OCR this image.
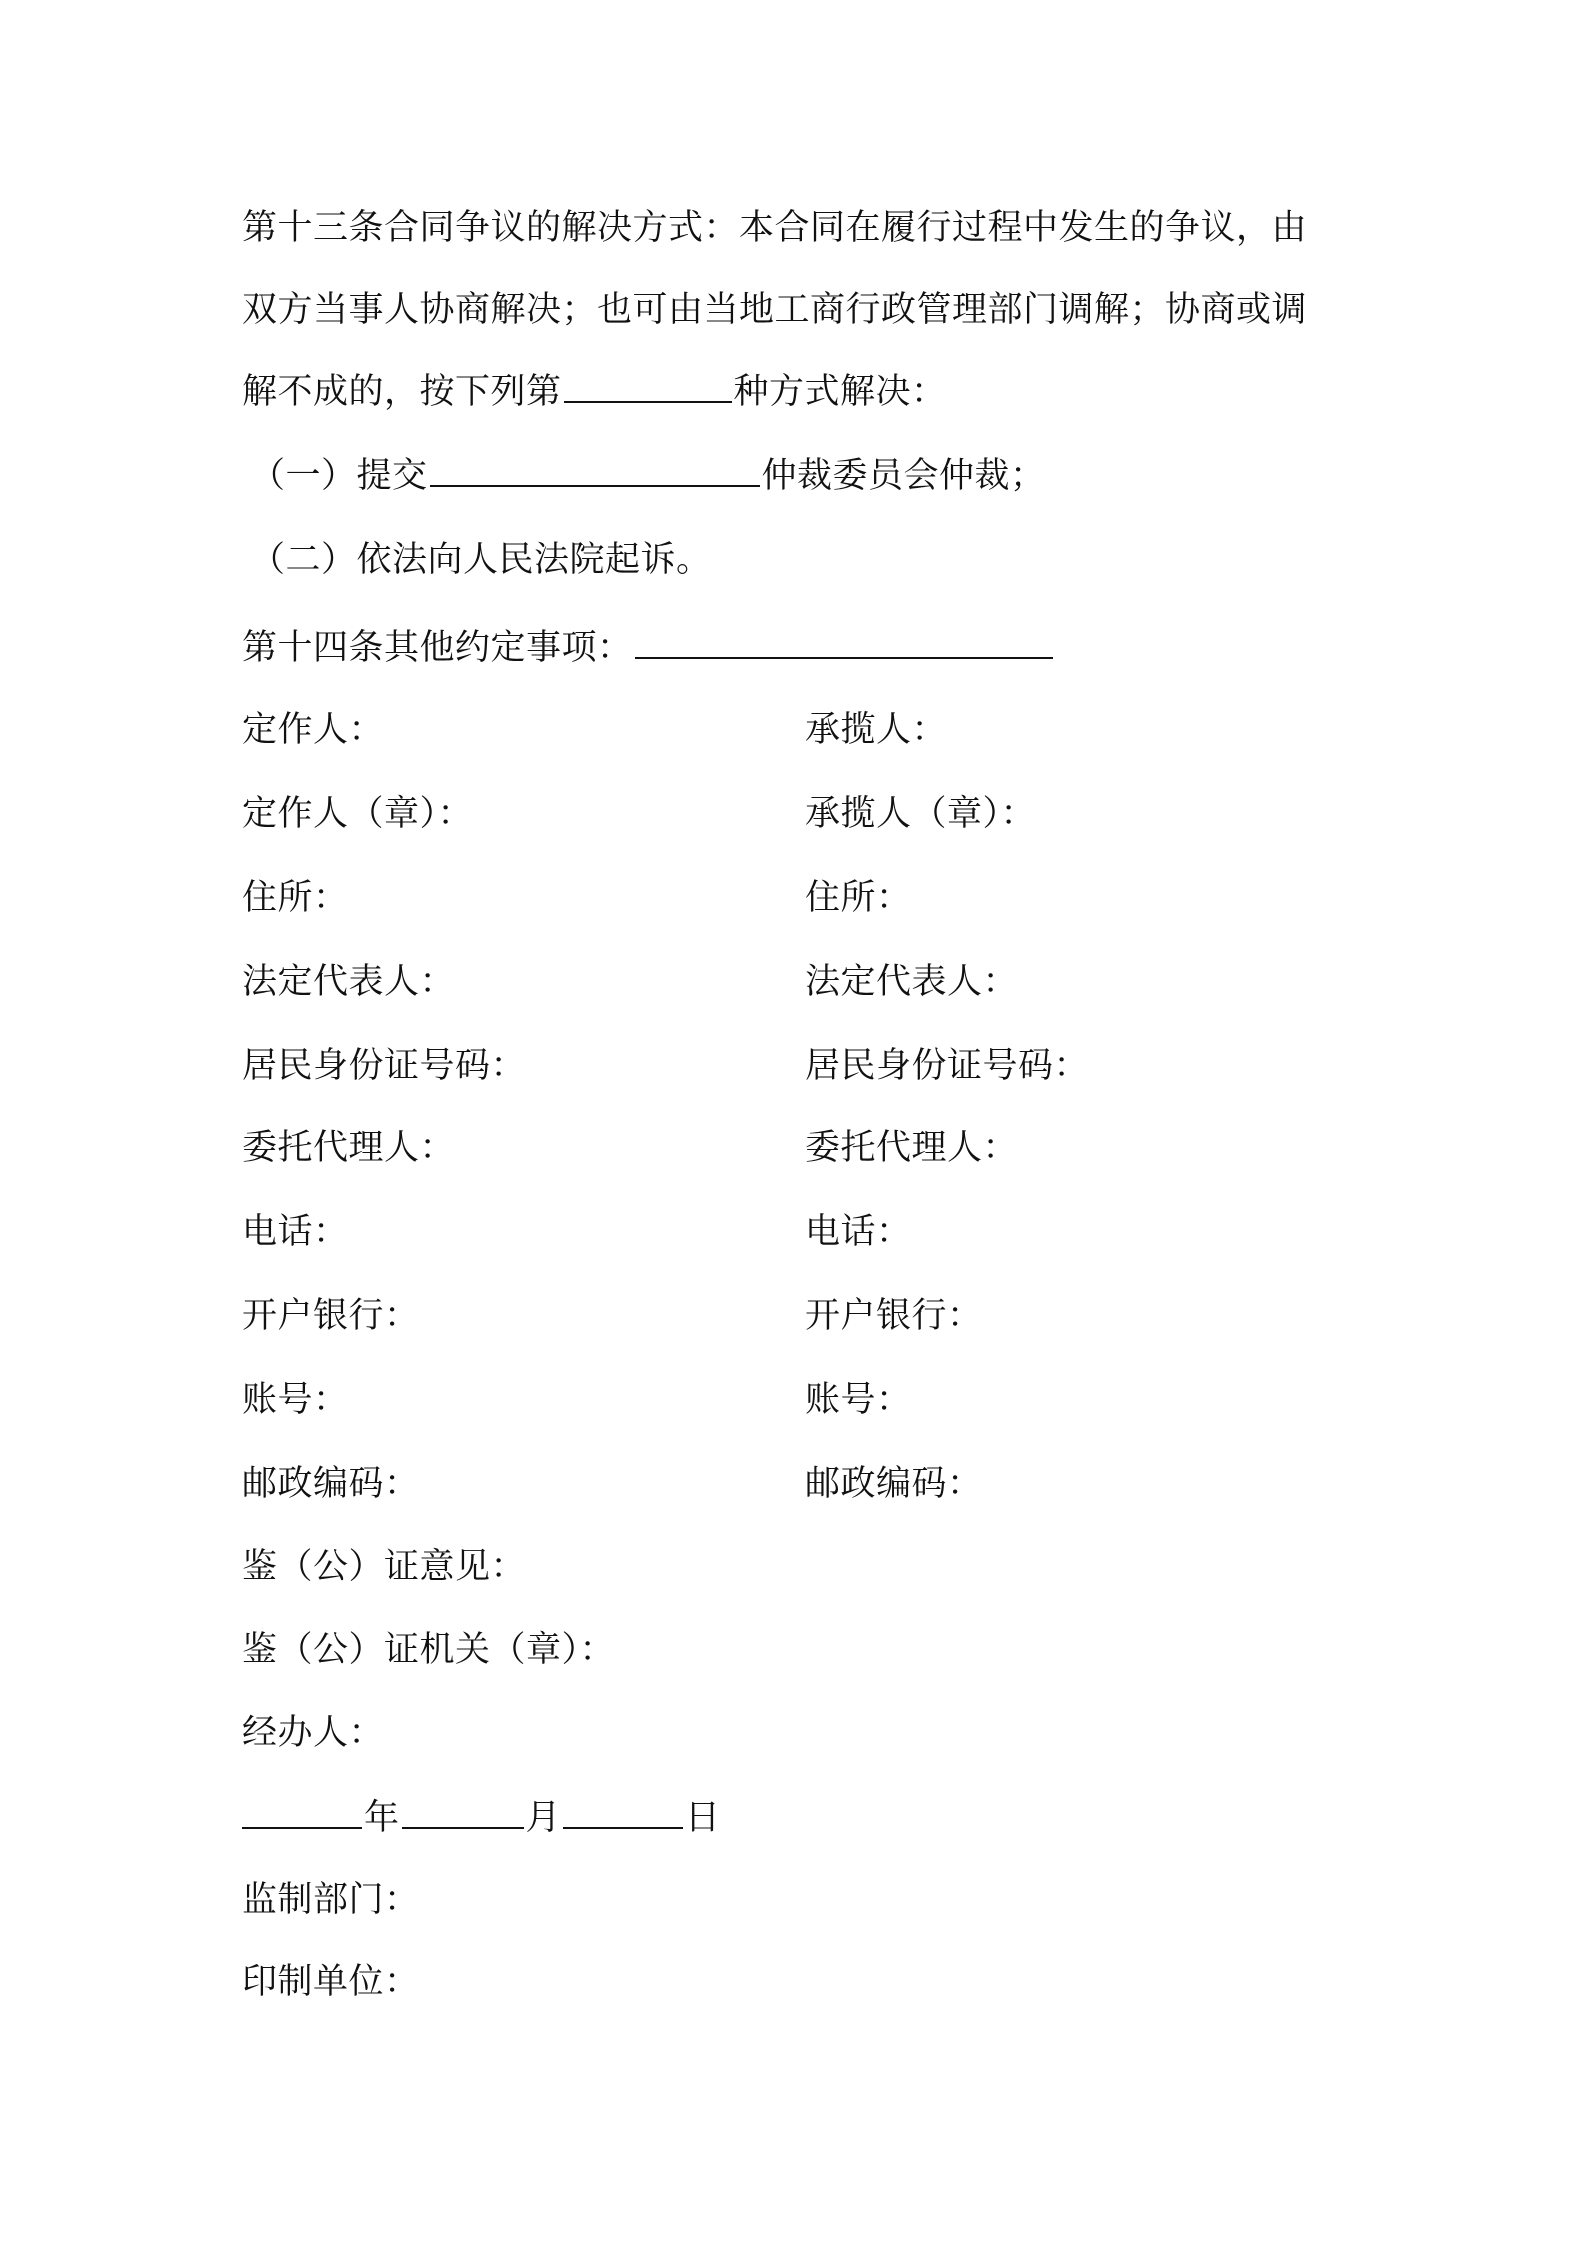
第十三条合同争议的解决方式：本合同在履行过程中发生的争议，由
双方当事人协商解决；也可由当地工商行政管理部门调解；协商或调
解不成的，按下列第	种方式解决：
（一）提交	仲裁委员会仲裁；
（二）依法向人民法院起诉。
第十四条其他约定事项：
定作人：	承揽人：
定作人（章）：	承揽人（章）：
住所：	住所：
法定代表人：	法定代表人：
居民身份证号码：	居民身份证号码：
委托代理人：	委托代理人：
电话：	电话：
开户银行：	开户银行：
账号：	账号：
邮政编码：	邮政编码：
鉴（公）证意见：
鉴（公）证机关（章）：
经办人：
年	月	日
监制部门：
印制单位：
